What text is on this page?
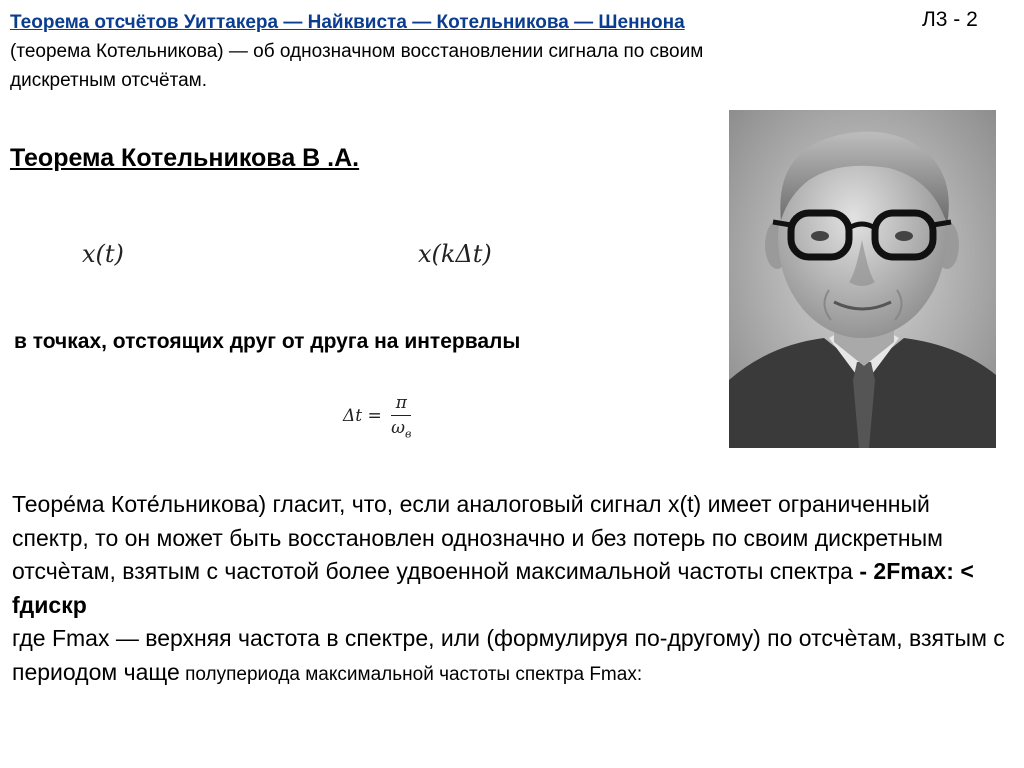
Теорема отсчётов Уиттакера — Найквиста — Котельникова — Шеннона (теорема Котельникова) — об однозначном восстановлении сигнала по своим дискретным отсчётам.
Л3 - 2
Теорема Котельникова В .А.
x(t)	x(kΔt)
в точках, отстоящих друг от друга на интервалы
$\Delta t = \frac{\pi}{\omega_в}$
Теоре́ма Коте́льникова) гласит, что, если аналоговый сигнал x(t) имеет ограниченный спектр, то он может быть восстановлен однозначно и без потерь по своим дискретным отсчѐтам, взятым с частотой более удвоенной максимальной частоты спектра - 2Fmax: < fдискр
где Fmax — верхняя частота в спектре, или (формулируя по-другому) по отсчѐтам, взятым с периодом чаще полупериода максимальной частоты спектра Fmax:
